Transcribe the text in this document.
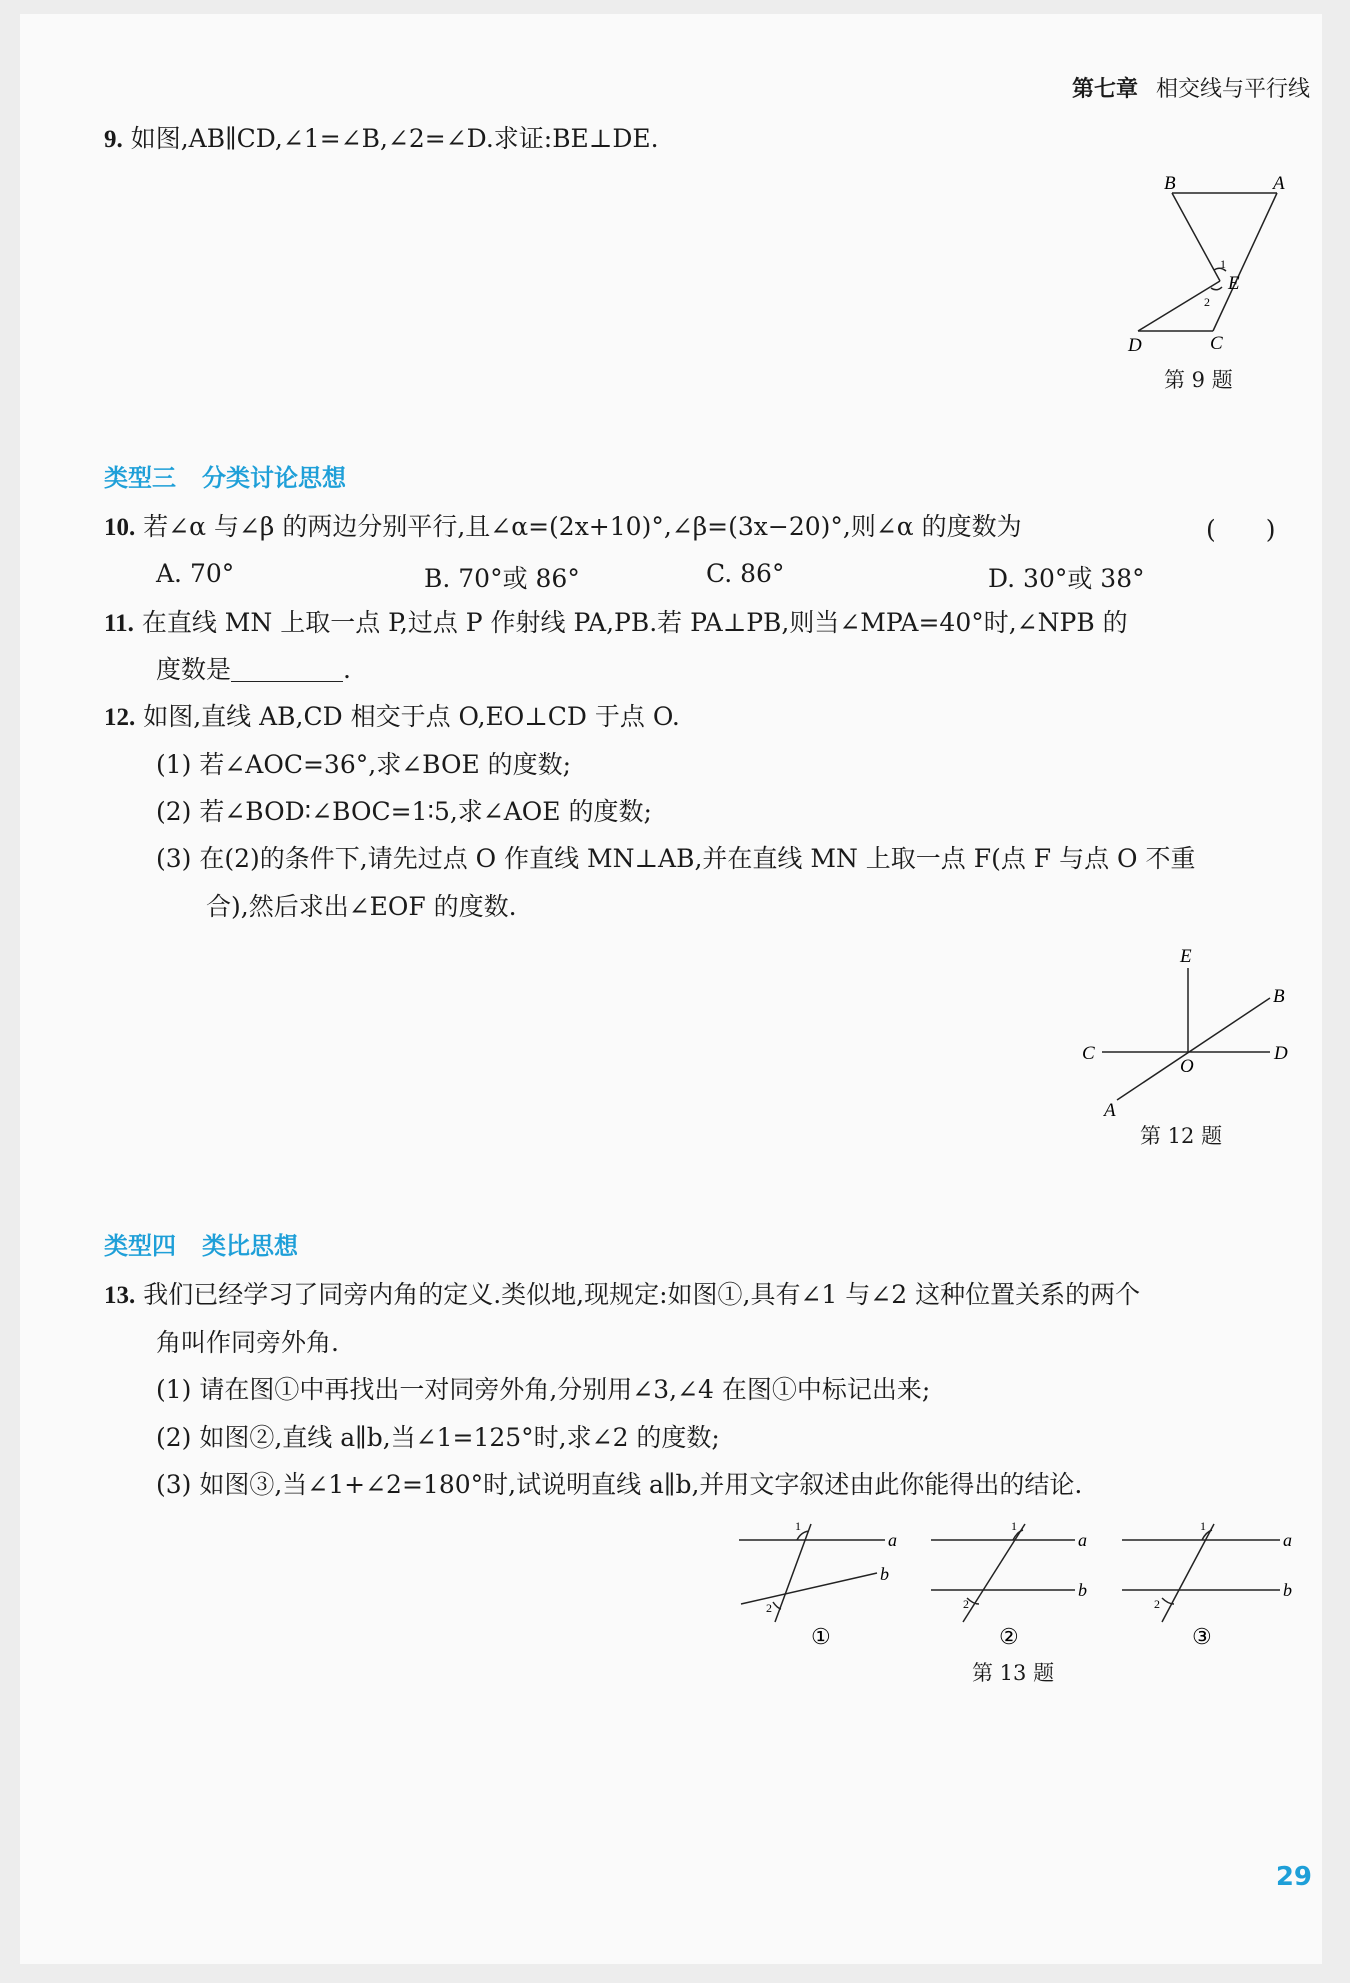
第七章 相交线与平行线
9. 如图,AB∥CD,∠1=∠B,∠2=∠D.求证:BE⊥DE.
B	A
E
D	C
1
2
第 9 题
类型三 分类讨论思想
10. 若∠α 与∠β 的两边分别平行,且∠α=(2x+10)°,∠β=(3x−20)°,则∠α 的度数为	(　　)
A. 70°	B. 70°或 86°	C. 86°	D. 30°或 38°
11. 在直线 MN 上取一点 P,过点 P 作射线 PA,PB.若 PA⊥PB,则当∠MPA=40°时,∠NPB 的
度数是	.
12. 如图,直线 AB,CD 相交于点 O,EO⊥CD 于点 O.
(1) 若∠AOC=36°,求∠BOE 的度数;
(2) 若∠BOD∶∠BOC=1∶5,求∠AOE 的度数;
(3) 在(2)的条件下,请先过点 O 作直线 MN⊥AB,并在直线 MN 上取一点 F(点 F 与点 O 不重
合),然后求出∠EOF 的度数.
E
B
C	D
O
A
第 12 题
类型四 类比思想
13. 我们已经学习了同旁内角的定义.类似地,现规定:如图①,具有∠1 与∠2 这种位置关系的两个
角叫作同旁外角.
(1) 请在图①中再找出一对同旁外角,分别用∠3,∠4 在图①中标记出来;
(2) 如图②,直线 a∥b,当∠1=125°时,求∠2 的度数;
(3) 如图③,当∠1+∠2=180°时,试说明直线 a∥b,并用文字叙述由此你能得出的结论.
a
b
1
2
①
a
b
1
2
②
a
b
1
2
③
第 13 题
29
